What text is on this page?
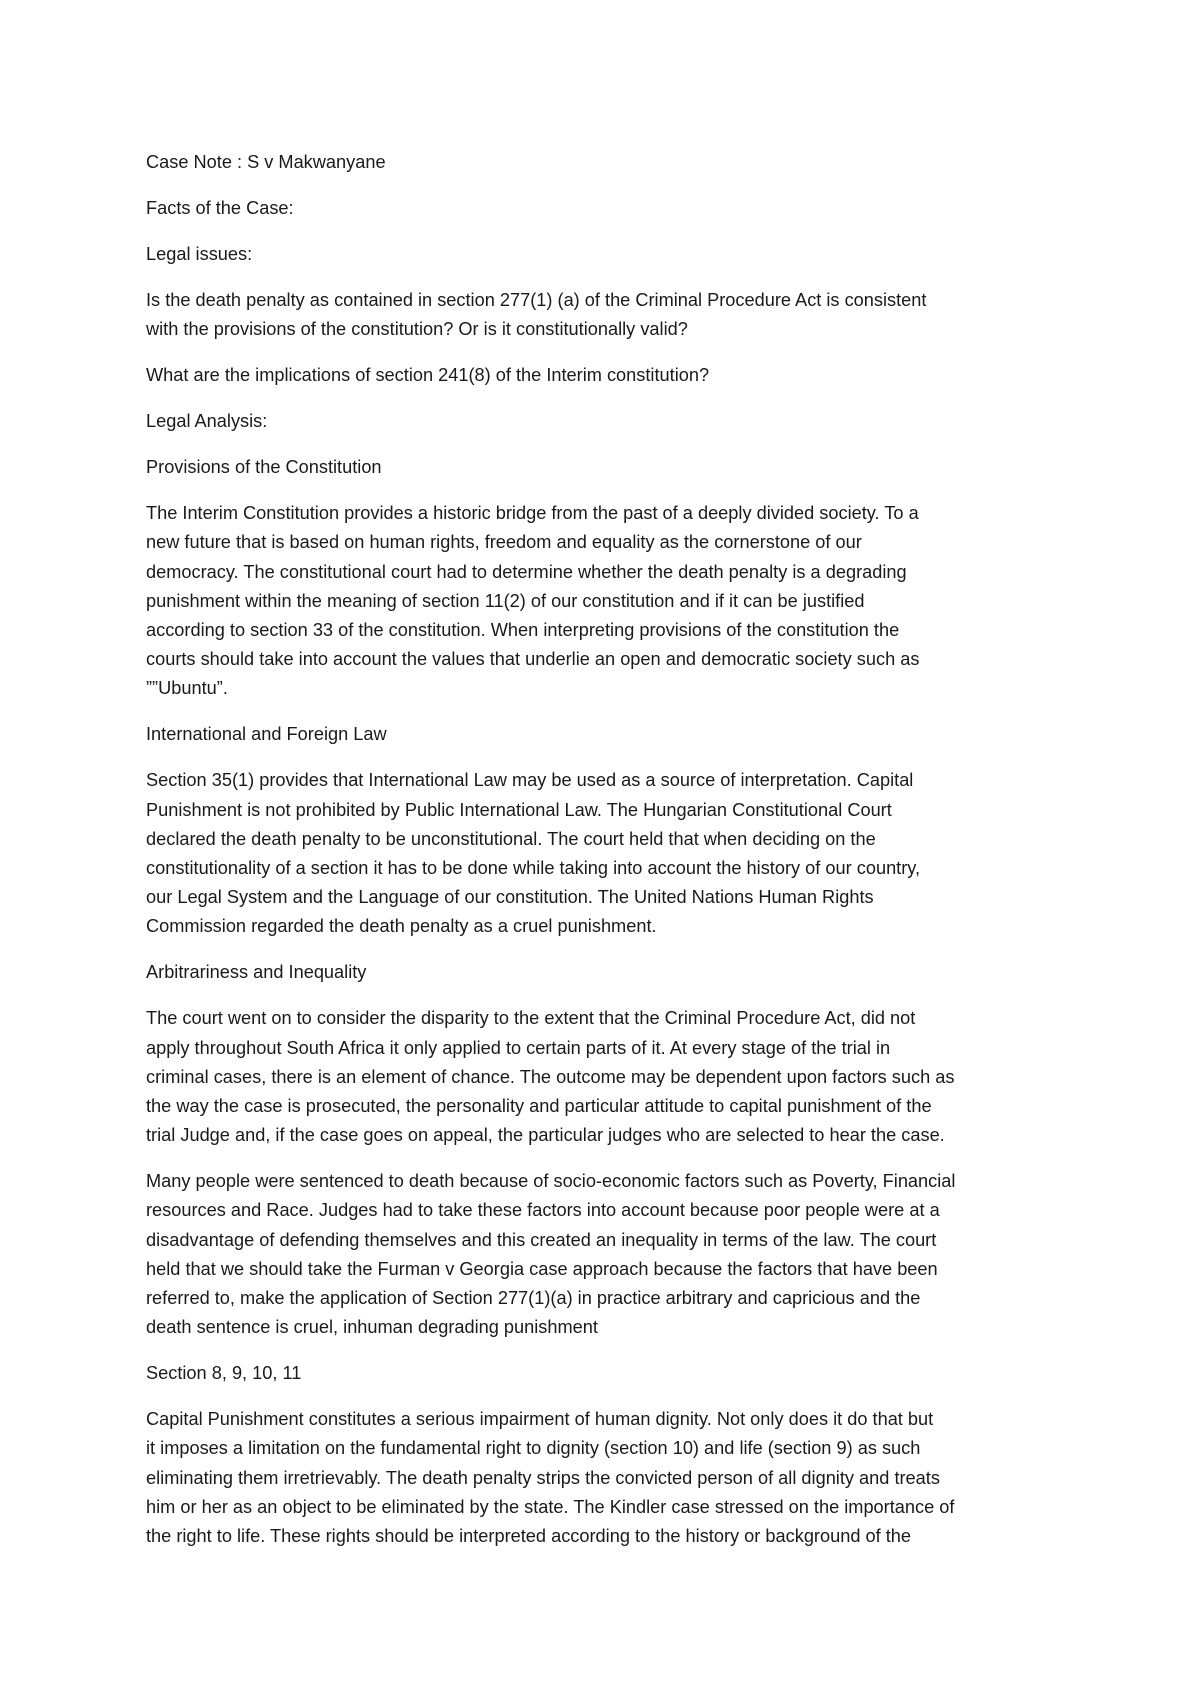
Case Note : S v Makwanyane

Facts of the Case:

Legal issues:

Is the death penalty as contained in section 277(1) (a) of the Criminal Procedure Act is consistent
with the provisions of the constitution? Or is it constitutionally valid?

What are the implications of section 241(8) of the Interim constitution?

Legal Analysis:

Provisions of the Constitution

The Interim Constitution provides a historic bridge from the past of a deeply divided society. To a
new future that is based on human rights, freedom and equality as the cornerstone of our
democracy. The constitutional court had to determine whether the death penalty is a degrading
punishment within the meaning of section 11(2) of our constitution and if it can be justified
according to section 33 of the constitution. When interpreting provisions of the constitution the
courts should take into account the values that underlie an open and democratic society such as
””Ubuntu”.

International and Foreign Law

Section 35(1) provides that International Law may be used as a source of interpretation. Capital
Punishment is not prohibited by Public International Law. The Hungarian Constitutional Court
declared the death penalty to be unconstitutional. The court held that when deciding on the
constitutionality of a section it has to be done while taking into account the history of our country,
our Legal System and the Language of our constitution. The United Nations Human Rights
Commission regarded the death penalty as a cruel punishment.

Arbitrariness and Inequality

The court went on to consider the disparity to the extent that the Criminal Procedure Act, did not
apply throughout South Africa it only applied to certain parts of it. At every stage of the trial in
criminal cases, there is an element of chance. The outcome may be dependent upon factors such as
the way the case is prosecuted, the personality and particular attitude to capital punishment of the
trial Judge and, if the case goes on appeal, the particular judges who are selected to hear the case.

Many people were sentenced to death because of socio-economic factors such as Poverty, Financial
resources and Race. Judges had to take these factors into account because poor people were at a
disadvantage of defending themselves and this created an inequality in terms of the law. The court
held that we should take the Furman v Georgia case approach because the factors that have been
referred to, make the application of Section 277(1)(a) in practice arbitrary and capricious and the
death sentence is cruel, inhuman degrading punishment

Section 8, 9, 10, 11

Capital Punishment constitutes a serious impairment of human dignity. Not only does it do that but
it imposes a limitation on the fundamental right to dignity (section 10) and life (section 9) as such
eliminating them irretrievably. The death penalty strips the convicted person of all dignity and treats
him or her as an object to be eliminated by the state. The Kindler case stressed on the importance of
the right to life. These rights should be interpreted according to the history or background of the
